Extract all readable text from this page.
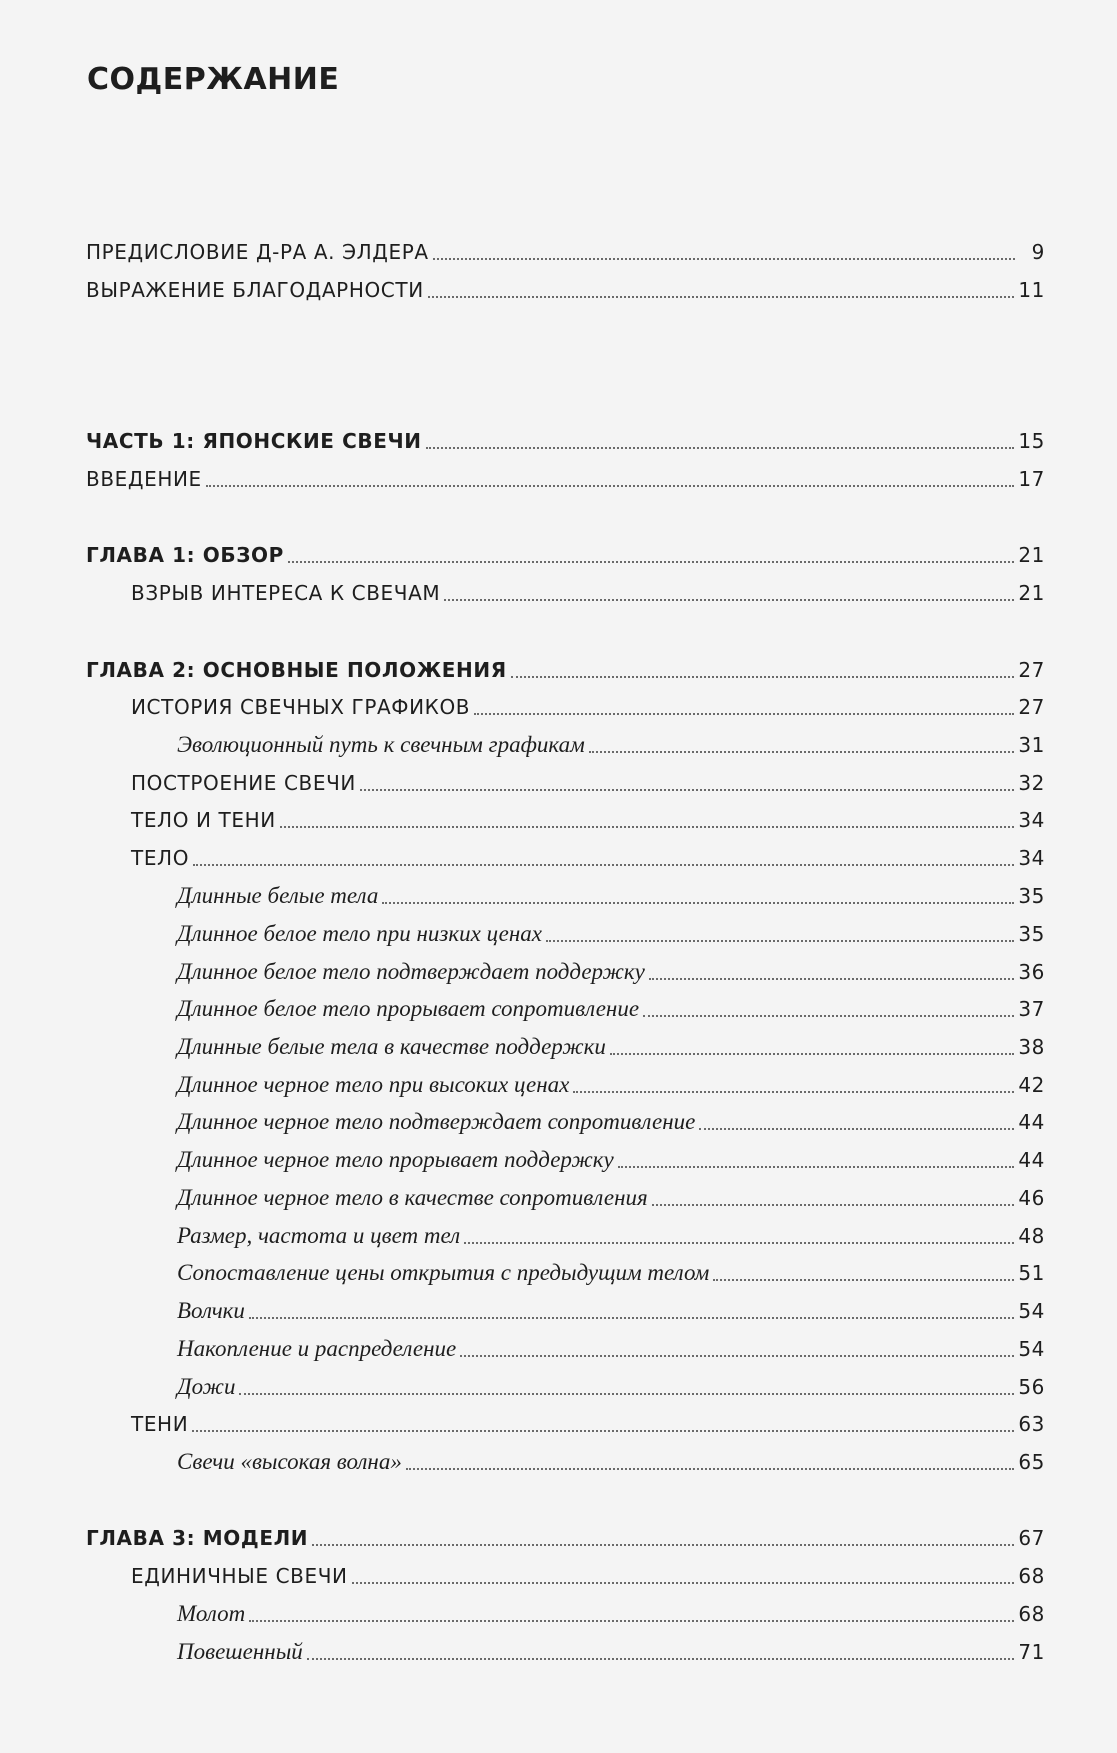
СОДЕРЖАНИЕ
ПРЕДИСЛОВИЕ Д-РА А. ЭЛДЕРА	9
ВЫРАЖЕНИЕ БЛАГОДАРНОСТИ	11
ЧАСТЬ 1: ЯПОНСКИЕ СВЕЧИ	15
ВВЕДЕНИЕ	17
ГЛАВА 1: ОБЗОР	21
ВЗРЫВ ИНТЕРЕСА К СВЕЧАМ	21
ГЛАВА 2: ОСНОВНЫЕ ПОЛОЖЕНИЯ	27
ИСТОРИЯ СВЕЧНЫХ ГРАФИКОВ	27
Эволюционный путь к свечным графикам	31
ПОСТРОЕНИЕ СВЕЧИ	32
ТЕЛО И ТЕНИ	34
ТЕЛО	34
Длинные белые тела	35
Длинное белое тело при низких ценах	35
Длинное белое тело подтверждает поддержку	36
Длинное белое тело прорывает сопротивление	37
Длинные белые тела в качестве поддержки	38
Длинное черное тело при высоких ценах	42
Длинное черное тело подтверждает сопротивление	44
Длинное черное тело прорывает поддержку	44
Длинное черное тело в качестве сопротивления	46
Размер, частота и цвет тел	48
Сопоставление цены открытия с предыдущим телом	51
Волчки	54
Накопление и распределение	54
Дожи	56
ТЕНИ	63
Свечи «высокая волна»	65
ГЛАВА 3: МОДЕЛИ	67
ЕДИНИЧНЫЕ СВЕЧИ	68
Молот	68
Повешенный	71
